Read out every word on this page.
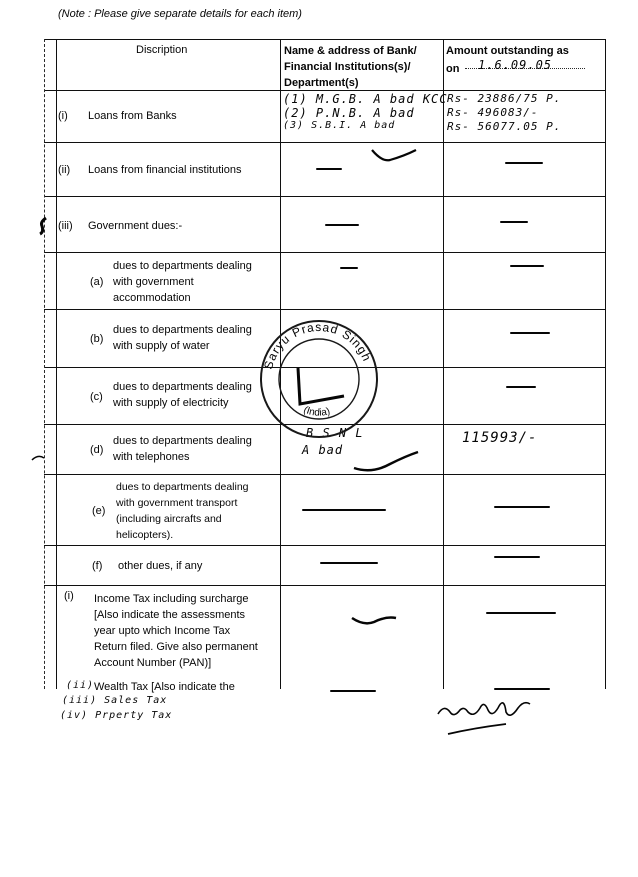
(Note : Please give separate details for each item)
Discription	Name & address of Bank/
Financial Institutions(s)/
Department(s)
Amount outstanding as
on 1.6.09.05
(i) Loans from Banks
(1) M.G.B. A bad KCC
(2) P.N.B. A bad
(3) S.B.I. A bad
Rs- 23886/75 P.
Rs- 496083/-
Rs- 56077.05 P.
(ii) Loans from financial institutions
(iii) Government dues:-
(a)
dues to departments dealing
with government
accommodation
(b)
dues to departments dealing
with supply of water
(c)
dues to departments dealing
with supply of electricity
(d)
dues to departments dealing
with telephones
B S N L
A bad
115993/-
(e)
dues to departments dealing
with government transport
(including aircrafts and
helicopters).
(f) other dues, if any
(i) Income Tax including surcharge
[Also indicate the assessments
year upto which Income Tax
Return filed. Give also permanent
Account Number (PAN)]
(ii) Wealth Tax [Also indicate the
(iii) Sales Tax
(iv) Prperty Tax
Saryu Prasad Singh
(India)
